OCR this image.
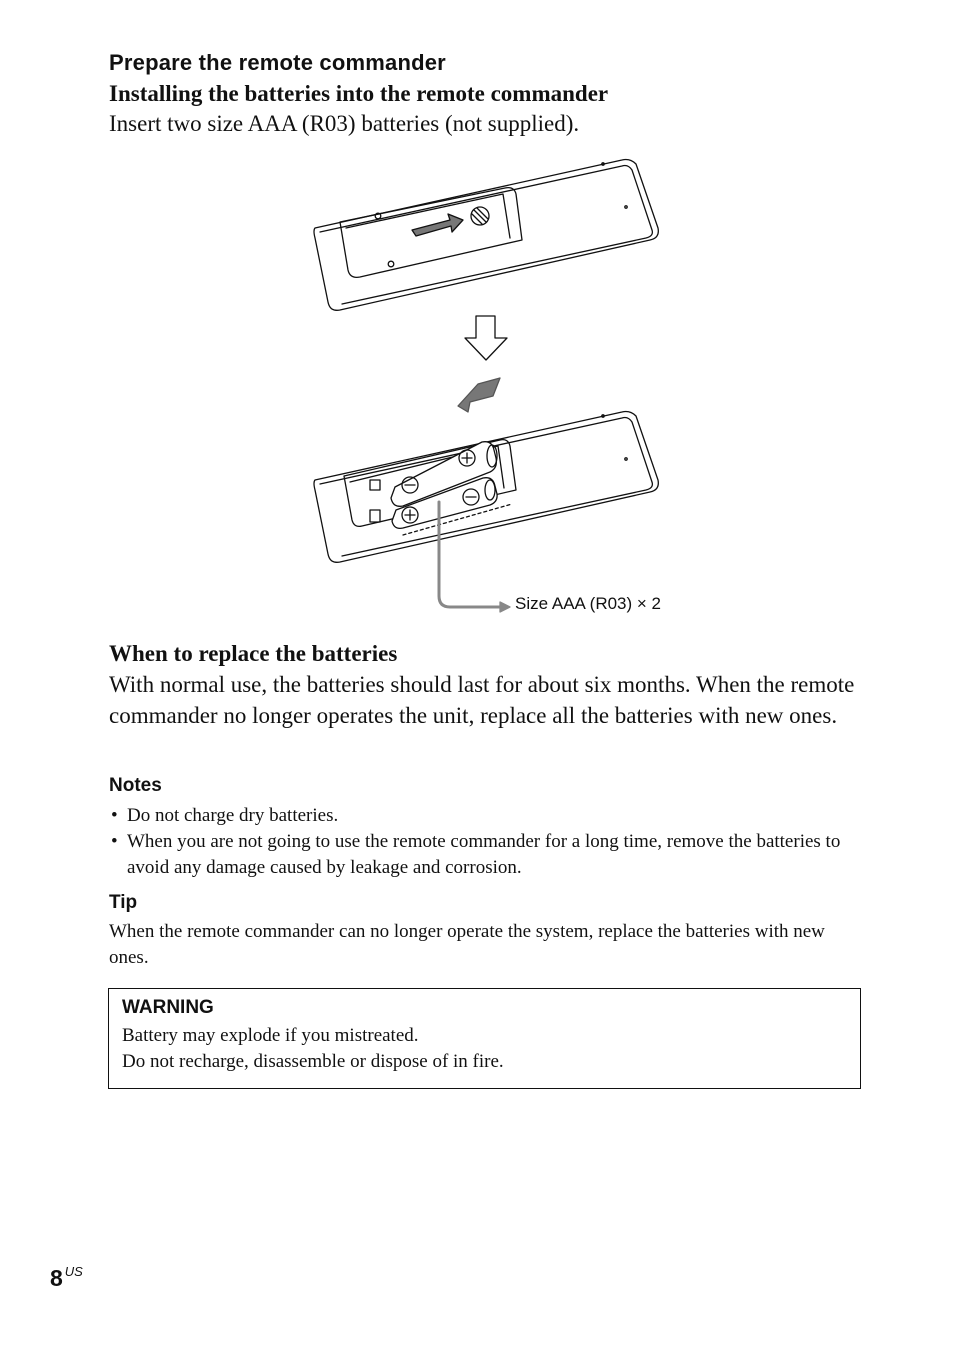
Prepare the remote commander
Installing the batteries into the remote commander
Insert two size AAA (R03) batteries (not supplied).
Size AAA (R03) × 2
When to replace the batteries
With normal use, the batteries should last for about six months. When the remote commander no longer operates the unit, replace all the batteries with new ones.
Notes
• Do not charge dry batteries.
• When you are not going to use the remote commander for a long time, remove the batteries to avoid any damage caused by leakage and corrosion.
Tip
When the remote commander can no longer operate the system, replace the batteries with new ones.
WARNING
Battery may explode if you mistreated.
Do not recharge, disassemble or dispose of in fire.
8 $^{US}$
